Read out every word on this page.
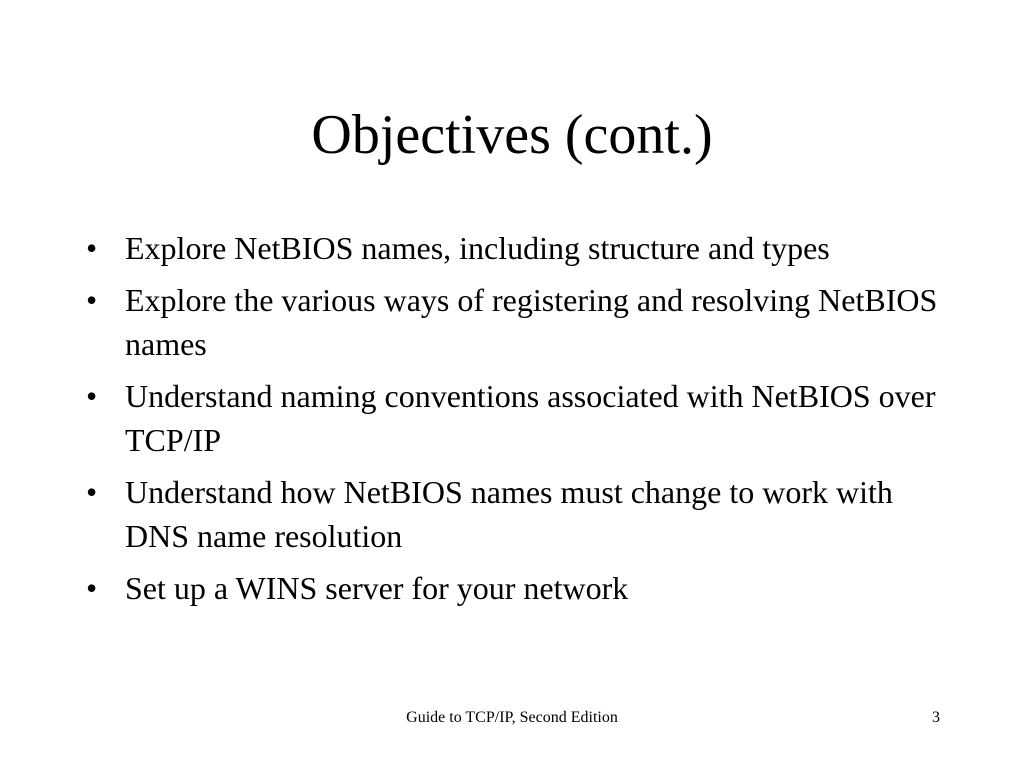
Objectives (cont.)
• Explore NetBIOS names, including structure and types
• Explore the various ways of registering and resolving NetBIOS names
• Understand naming conventions associated with NetBIOS over TCP/IP
• Understand how NetBIOS names must change to work with DNS name resolution
• Set up a WINS server for your network
Guide to TCP/IP, Second Edition	3
